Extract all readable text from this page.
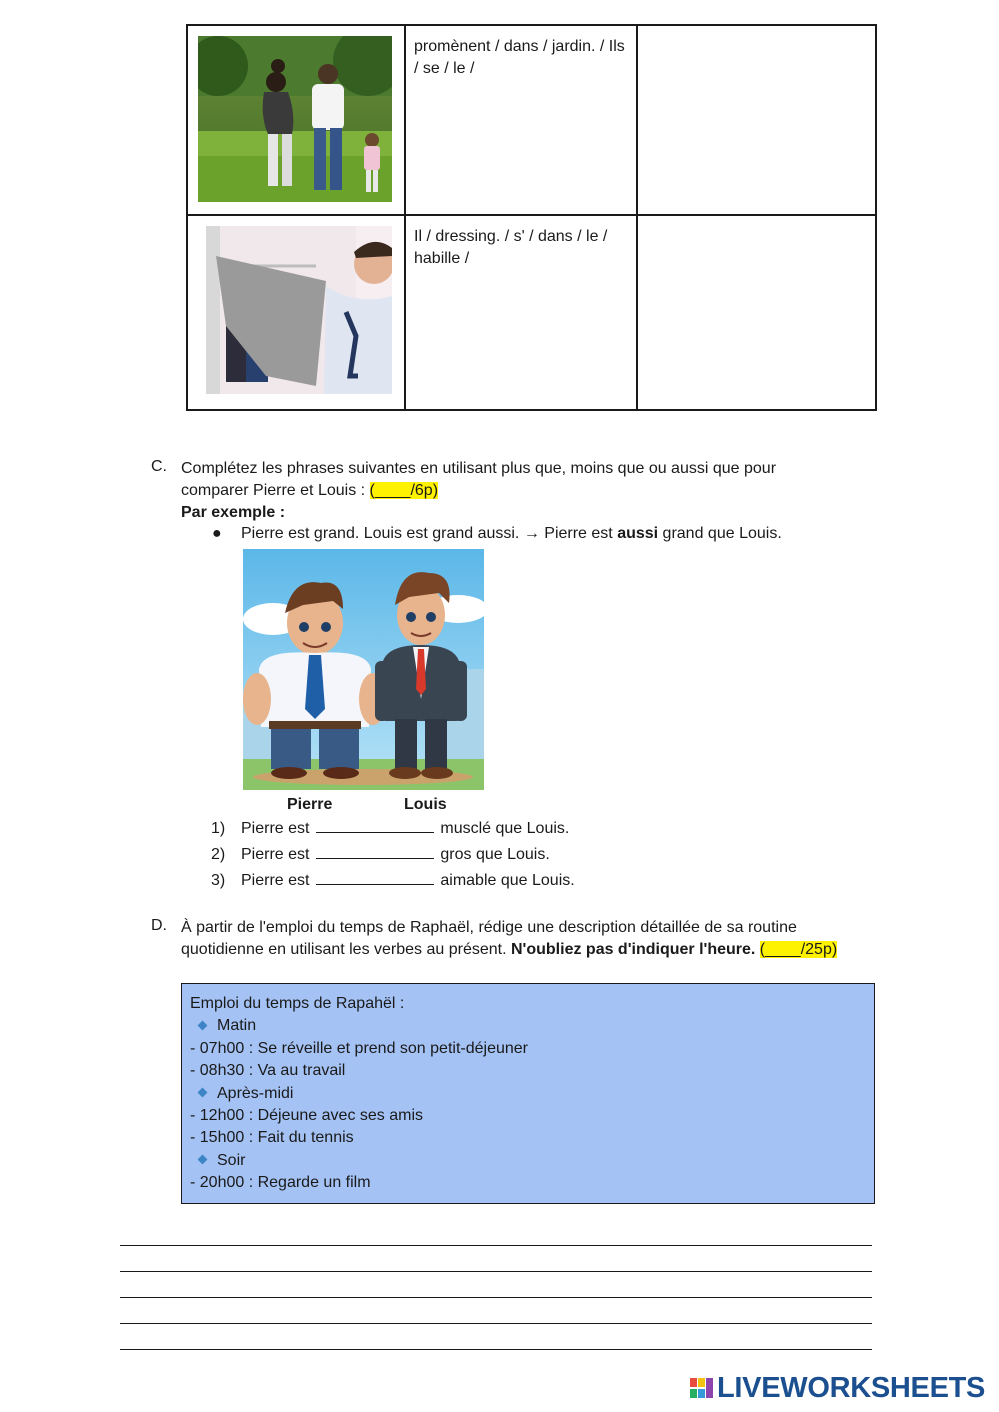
promènent / dans / jardin. / Ils / se / le /	

Il / dressing. / s' / dans / le / habille /	

C. Complétez les phrases suivantes en utilisant plus que, moins que ou aussi que pour
comparer Pierre et Louis : (____/6p)
Par exemple :
● Pierre est grand. Louis est grand aussi. → Pierre est aussi grand que Louis.
Pierre	Louis
1) Pierre est	musclé que Louis.
2) Pierre est	gros que Louis.
3) Pierre est	aimable que Louis.
D. À partir de l'emploi du temps de Raphaël, rédige une description détaillée de sa routine
quotidienne en utilisant les verbes au présent. N'oubliez pas d'indiquer l'heure. (____/25p)
Emploi du temps de Rapahël :
Matin
- 07h00 : Se réveille et prend son petit-déjeuner
- 08h30 : Va au travail
Après-midi
- 12h00 : Déjeune avec ses amis
- 15h00 : Fait du tennis
Soir
- 20h00 : Regarde un film
LIVEWORKSHEETS
